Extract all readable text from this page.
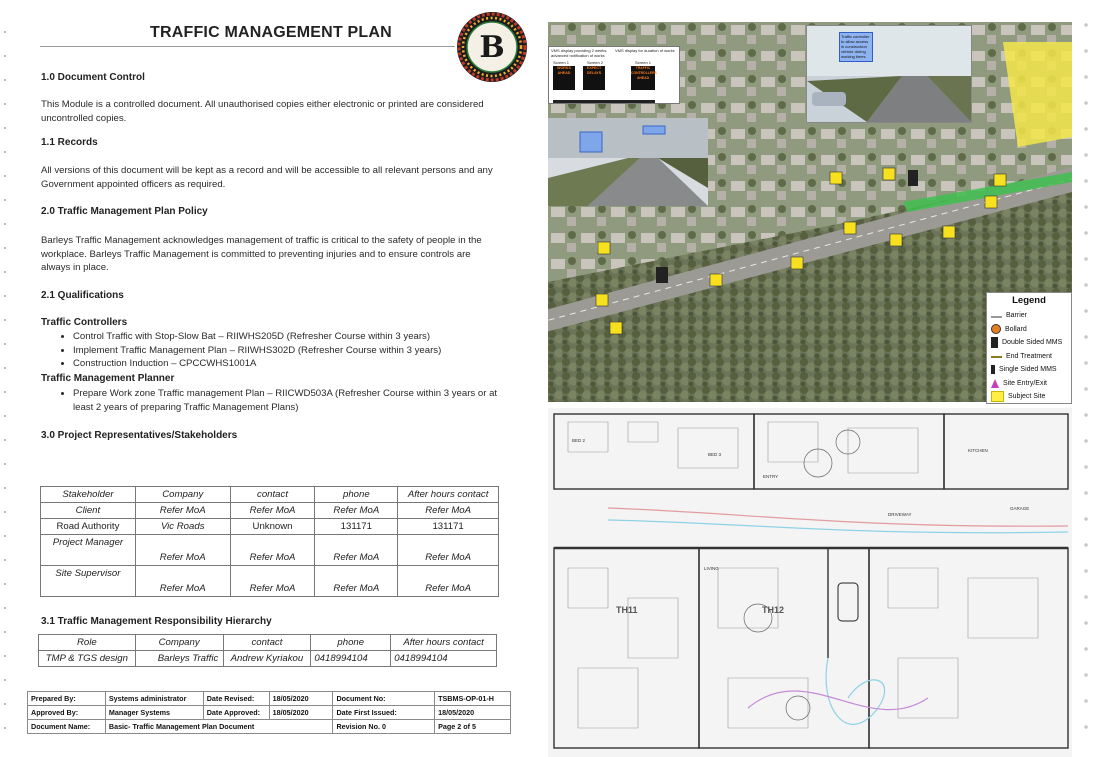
TRAFFIC MANAGEMENT PLAN	B
1.0 Document Control
This Module is a controlled document. All unauthorised copies either electronic or printed are considered uncontrolled copies.
1.1 Records
All versions of this document will be kept as a record and will be accessible to all relevant persons and any Government appointed officers as required.
2.0 Traffic Management Plan Policy
Barleys Traffic Management acknowledges management of traffic is critical to the safety of people in the workplace. Barleys Traffic Management is committed to preventing injuries and to ensure controls are always in place.
2.1 Qualifications
Traffic Controllers
• Control Traffic with Stop-Slow Bat – RIIWHS205D (Refresher Course within 3 years)
• Implement Traffic Management Plan – RIIWHS302D (Refresher Course within 3 years)
• Construction Induction – CPCCWHS1001A
Traffic Management Planner
• Prepare Work zone Traffic management Plan – RIICWD503A (Refresher Course within 3 years or at least 2 years of preparing Traffic Management Plans)
3.0 Project Representatives/Stakeholders
Stakeholder	Company	contact	phone	After hours contact
Client	Refer MoA	Refer MoA	Refer MoA	Refer MoA
Road Authority	Vic Roads	Unknown	131171	131171
Project Manager	Refer MoA	Refer MoA	Refer MoA	Refer MoA
Site Supervisor	Refer MoA	Refer MoA	Refer MoA	Refer MoA
3.1 Traffic Management Responsibility Hierarchy
Role	Company	contact	phone	After hours contact
TMP & TGS design	Barleys Traffic	Andrew Kyriakou	0418994104	0418994104
Prepared By:	Systems administrator	Date Revised:	18/05/2020	Document No:	TSBMS-OP-01-H
Approved By:	Manager Systems	Date Approved:	18/05/2020	Date First Issued:	18/05/2020
Document Name:	Basic- Traffic Management Plan Document			Revision No. 0	Page 2 of 5
VMS display providing 2 weeks advanced notification of works
VMS display for duration of works
Screen 1	Screen 2	Screen 1
WORKS AHEAD
EXPECT DELAYS
TRAFFIC CONTROLLERS AHEAD
Traffic controller to allow access in construction vehicle during working times
Legend
Barrier
Bollard
Double Sided MMS
End Treatment
Single Sided MMS
Site Entry/Exit
Subject Site
TH11	TH12
BED 2
BED 3
ENTRY
LIVING
KITCHEN
GARAGE
DRIVEWAY
